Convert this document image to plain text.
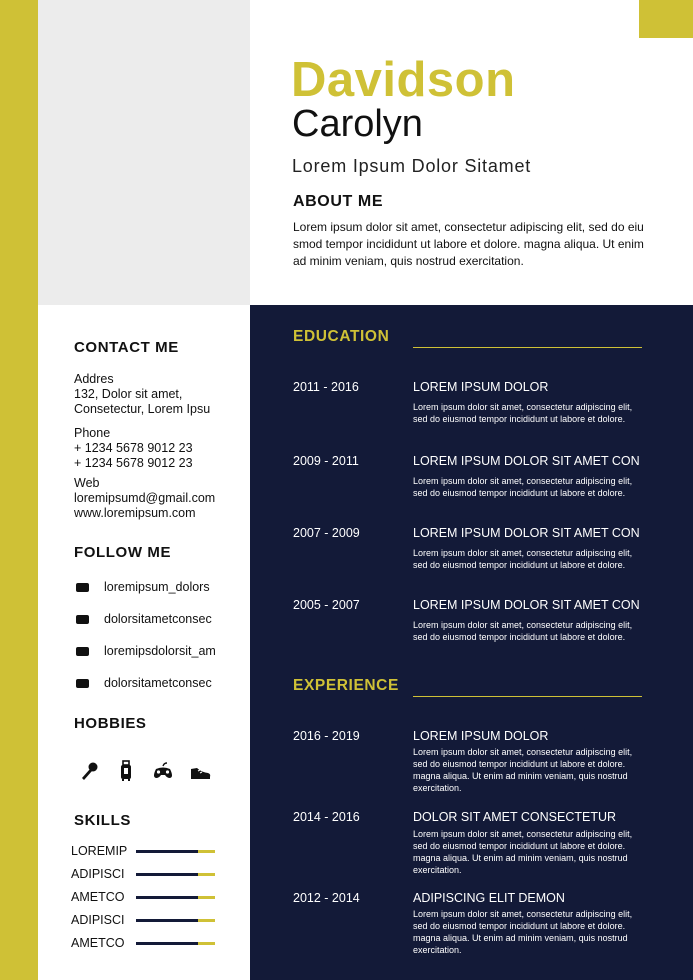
Davidson
Carolyn
Lorem Ipsum Dolor Sitamet
ABOUT ME
Lorem ipsum dolor sit amet, consectetur adipiscing elit, sed do eiu smod tempor incididunt ut labore et dolore. magna aliqua. Ut enim ad minim veniam, quis nostrud exercitation.
CONTACT ME
Addres
132, Dolor sit amet,
Consetectur, Lorem Ipsu
Phone
+ 1234 5678 9012 23
+ 1234 5678 9012 23
Web
loremipsumd@gmail.com
www.loremipsum.com
FOLLOW ME
loremipsum_dolors
dolorsitametconsec
loremipsdolorsit_am
dolorsitametconsec
HOBBIES
SKILLS
LOREMIP
ADIPISCI
AMETCO
ADIPISCI
AMETCO
EDUCATION
2011 - 2016	LOREM IPSUM DOLOR
Lorem ipsum dolor sit amet, consectetur adipiscing elit, sed do eiusmod tempor incididunt ut labore et dolore.
2009 - 2011	LOREM IPSUM DOLOR SIT AMET CON
Lorem ipsum dolor sit amet, consectetur adipiscing elit, sed do eiusmod tempor incididunt ut labore et dolore.
2007 - 2009	LOREM IPSUM DOLOR SIT AMET CON
Lorem ipsum dolor sit amet, consectetur adipiscing elit, sed do eiusmod tempor incididunt ut labore et dolore.
2005 - 2007	LOREM IPSUM DOLOR SIT AMET CON
Lorem ipsum dolor sit amet, consectetur adipiscing elit, sed do eiusmod tempor incididunt ut labore et dolore.
EXPERIENCE
2016 - 2019	LOREM IPSUM DOLOR
Lorem ipsum dolor sit amet, consectetur adipiscing elit, sed do eiusmod tempor incididunt ut labore et dolore. magna aliqua. Ut enim ad minim veniam, quis nostrud exercitation.
2014 - 2016	DOLOR SIT AMET CONSECTETUR
Lorem ipsum dolor sit amet, consectetur adipiscing elit, sed do eiusmod tempor incididunt ut labore et dolore. magna aliqua. Ut enim ad minim veniam, quis nostrud exercitation.
2012 - 2014	ADIPISCING ELIT DEMON
Lorem ipsum dolor sit amet, consectetur adipiscing elit, sed do eiusmod tempor incididunt ut labore et dolore. magna aliqua. Ut enim ad minim veniam, quis nostrud exercitation.
